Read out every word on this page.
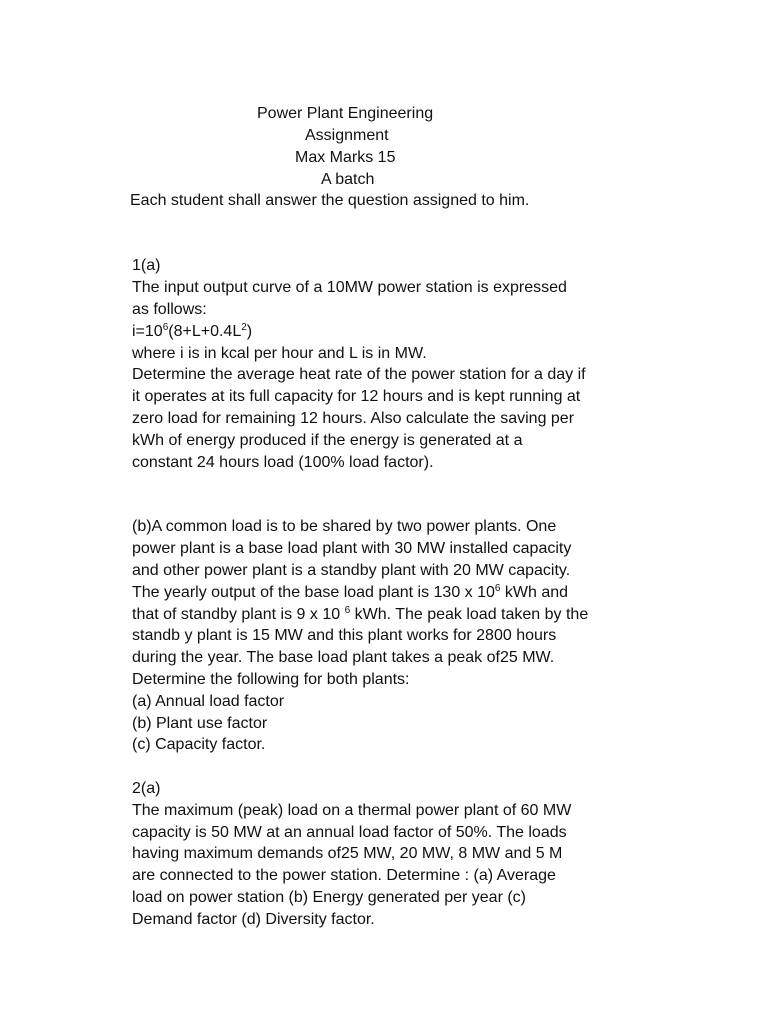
Power Plant Engineering
Assignment
Max Marks 15
A batch
Each student shall answer the question assigned to him.
1(a)
The input output curve of a 10MW power station is expressed
as follows:
$i=10^6(8+L+0.4L^2)$
where i is in kcal per hour and L is in MW.
Determine the average heat rate of the power station for a day if
it operates at its full capacity for 12 hours and is kept running at
zero load for remaining 12 hours. Also calculate the saving per
kWh of energy produced if the energy is generated at a
constant 24 hours load (100% load factor).
(b)A common load is to be shared by two power plants. One
power plant is a base load plant with 30 MW installed capacity
and other power plant is a standby plant with 20 MW capacity.
The yearly output of the base load plant is 130 x $10^6$ kWh and
that of standby plant is 9 x 10 $^6$ kWh. The peak load taken by the
standb y plant is 15 MW and this plant works for 2800 hours
during the year. The base load plant takes a peak of25 MW.
Determine the following for both plants:
(a) Annual load factor
(b) Plant use factor
(c) Capacity factor.
2(a)
The maximum (peak) load on a thermal power plant of 60 MW
capacity is 50 MW at an annual load factor of 50%. The loads
having maximum demands of25 MW, 20 MW, 8 MW and 5 M
are connected to the power station. Determine : (a) Average
load on power station (b) Energy generated per year (c)
Demand factor (d) Diversity factor.
